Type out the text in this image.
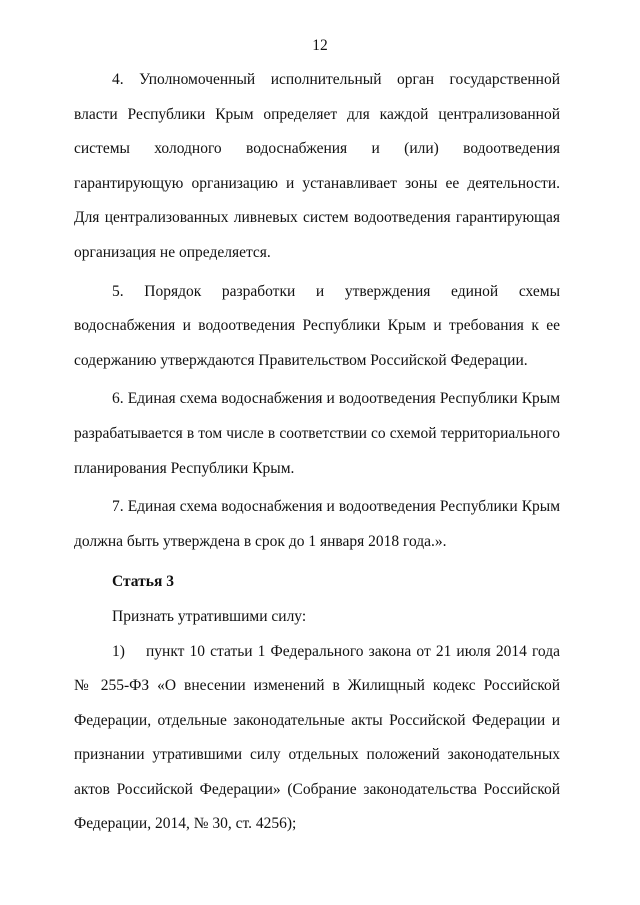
12

4. Уполномоченный исполнительный орган государственной власти Республики Крым определяет для каждой централизованной системы холодного водоснабжения и (или) водоотведения гарантирующую организацию и устанавливает зоны ее деятельности. Для централизованных ливневых систем водоотведения гарантирующая организация не определяется.

5. Порядок разработки и утверждения единой схемы водоснабжения и водоотведения Республики Крым и требования к ее содержанию утверждаются Правительством Российской Федерации.

6. Единая схема водоснабжения и водоотведения Республики Крым разрабатывается в том числе в соответствии со схемой территориального планирования Республики Крым.

7. Единая схема водоснабжения и водоотведения Республики Крым должна быть утверждена в срок до 1 января 2018 года.».

Статья 3

Признать утратившими силу:

1) пункт 10 статьи 1 Федерального закона от 21 июля 2014 года № 255-ФЗ «О внесении изменений в Жилищный кодекс Российской Федерации, отдельные законодательные акты Российской Федерации и признании утратившими силу отдельных положений законодательных актов Российской Федерации» (Собрание законодательства Российской Федерации, 2014, № 30, ст. 4256);
